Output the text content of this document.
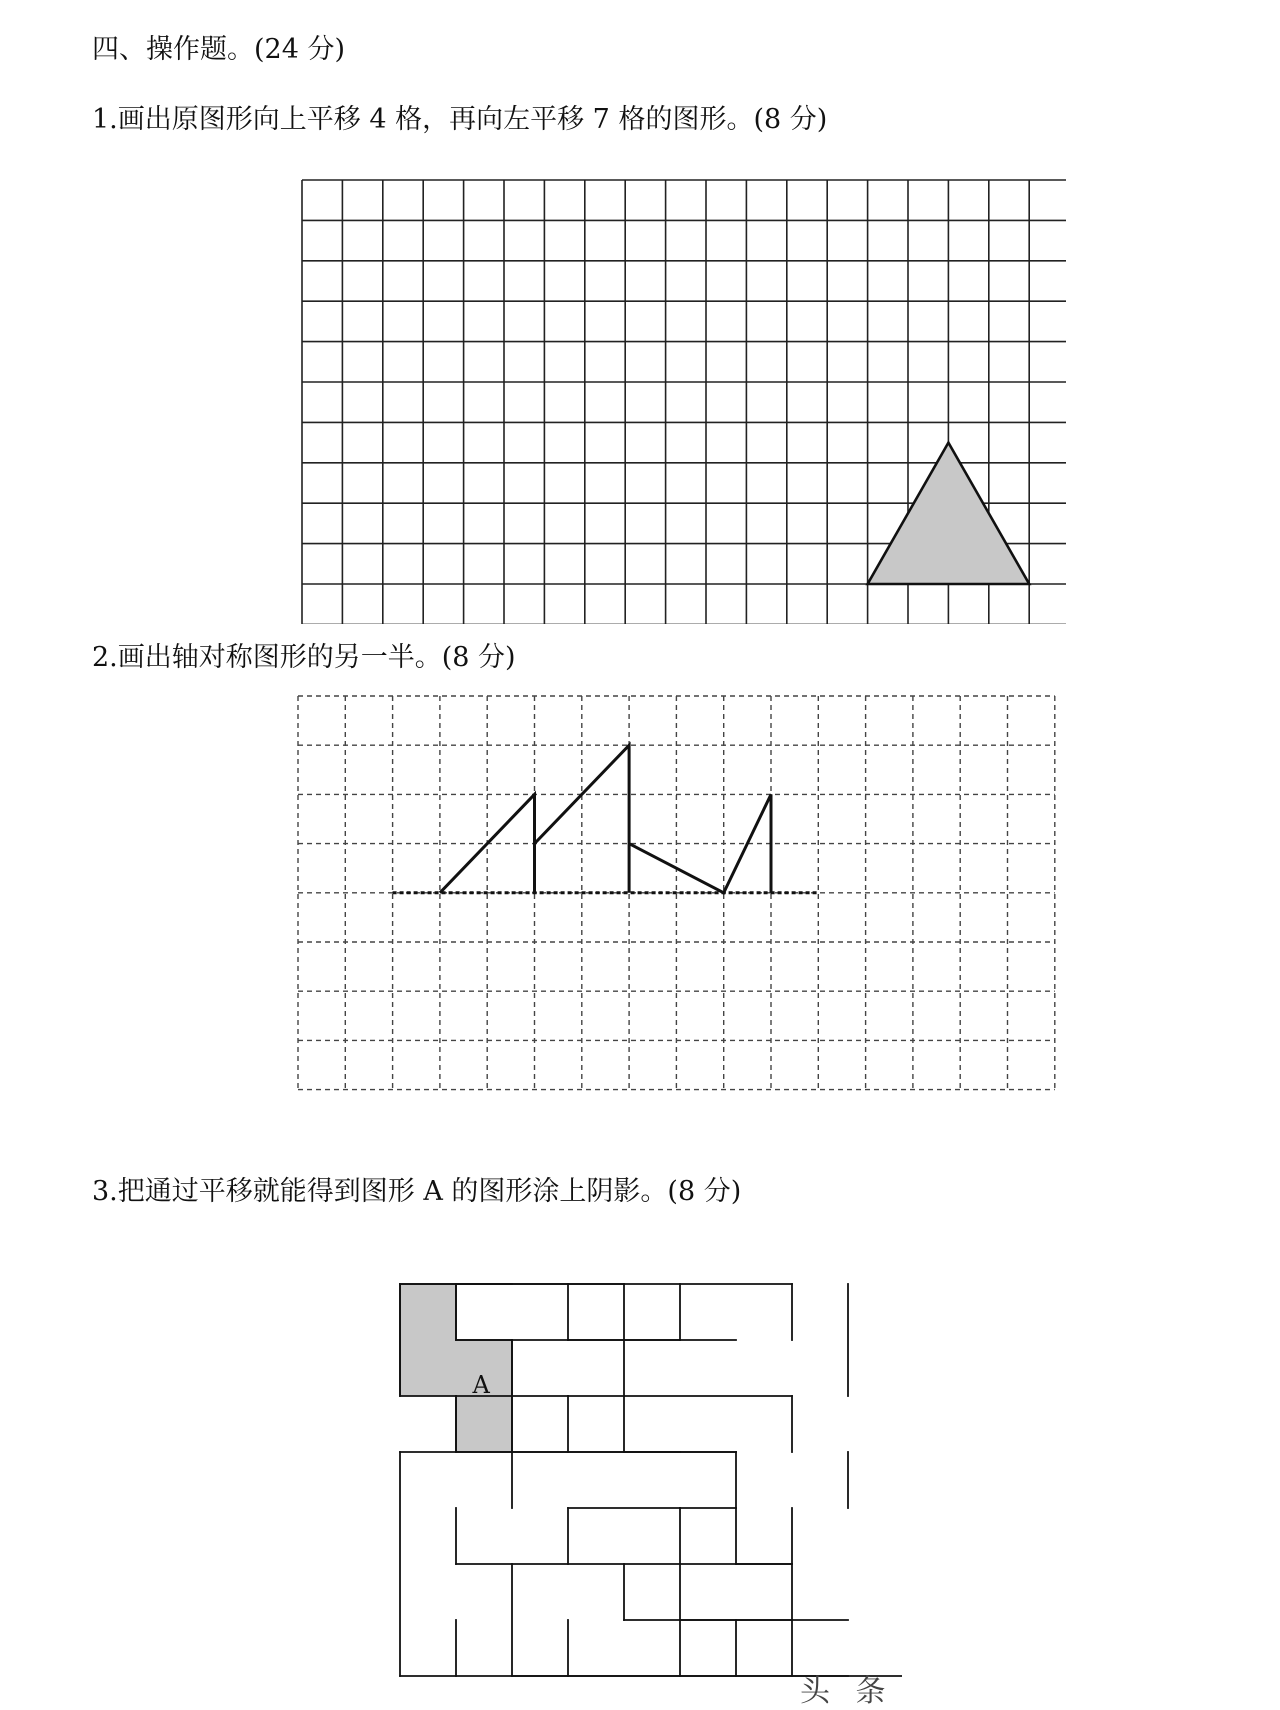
四、操作题。(24 分)

1.画出原图形向上平移 4 格，再向左平移 7 格的图形。(8 分)

2.画出轴对称图形的另一半。(8 分)

3.把通过平移就能得到图形 A 的图形涂上阴影。(8 分)

A
头 条
